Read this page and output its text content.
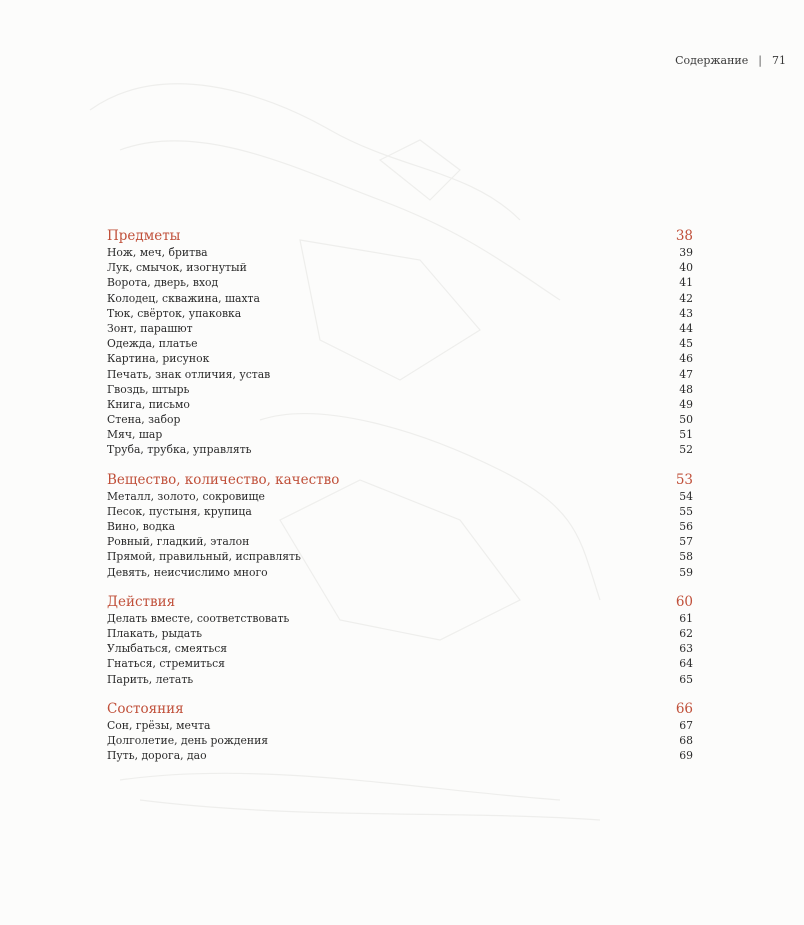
Содержание | 71
Предметы	38
Нож, меч, бритва	39
Лук, смычок, изогнутый	40
Ворота, дверь, вход	41
Колодец, скважина, шахта	42
Тюк, свёрток, упаковка	43
Зонт, парашют	44
Одежда, платье	45
Картина, рисунок	46
Печать, знак отличия, устав	47
Гвоздь, штырь	48
Книга, письмо	49
Стена, забор	50
Мяч, шар	51
Труба, трубка, управлять	52
Вещество, количество, качество	53
Металл, золото, сокровище	54
Песок, пустыня, крупица	55
Вино, водка	56
Ровный, гладкий, эталон	57
Прямой, правильный, исправлять	58
Девять, неисчислимо много	59
Действия	60
Делать вместе, соответствовать	61
Плакать, рыдать	62
Улыбаться, смеяться	63
Гнаться, стремиться	64
Парить, летать	65
Состояния	66
Сон, грёзы, мечта	67
Долголетие, день рождения	68
Путь, дорога, дао	69
